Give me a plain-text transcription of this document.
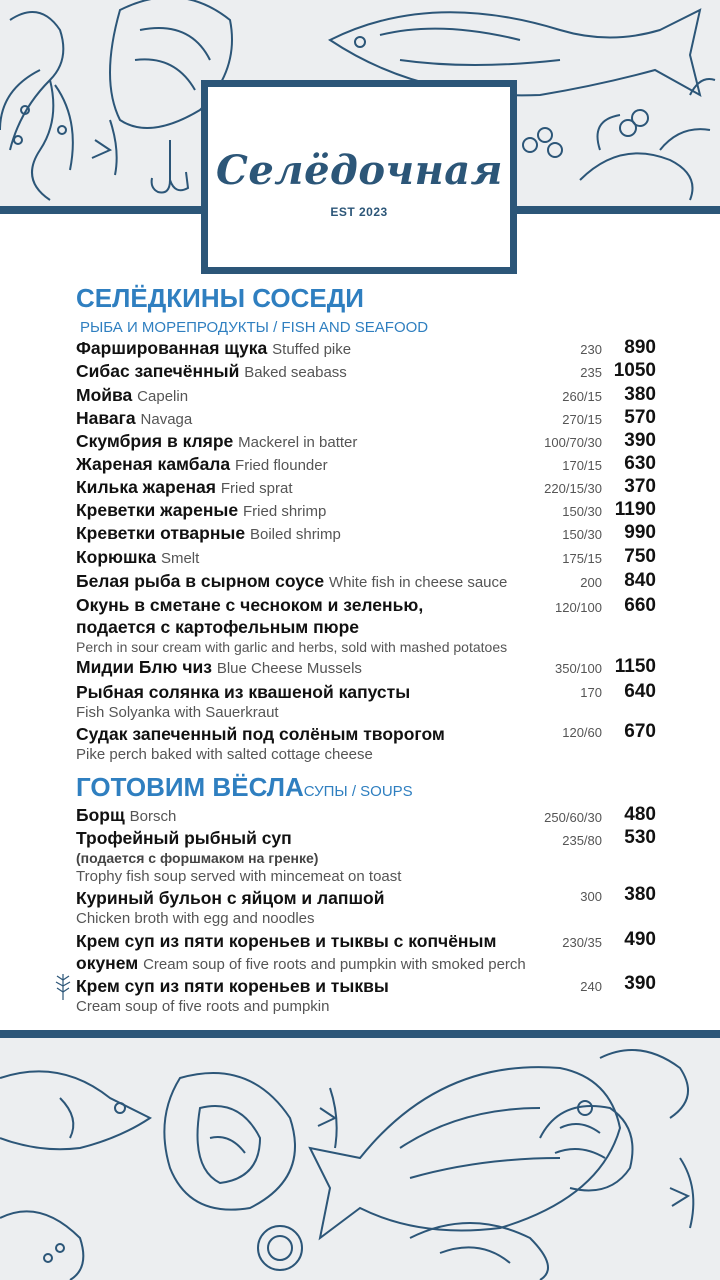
Селёдочная
EST 2023
СЕЛЁДКИНЫ СОСЕДИ
РЫБА И МОРЕПРОДУКТЫ / FISH AND SEAFOOD
Фаршированная щука Stuffed pike	230	890
Сибас запечённый Baked seabass	235 1050
Мойва Capelin	260/15	380
Навага Navaga	270/15	570
Скумбрия в кляре Mackerel in batter	100/70/30	390
Жареная камбала Fried flounder	170/15	630
Килька жареная Fried sprat	220/15/30	370
Креветки жареные Fried shrimp	150/30 1190
Креветки отварные Boiled shrimp	150/30	990
Корюшка Smelt	175/15	750
Белая рыба в сырном соусе White fish in cheese sauce	200	840
Окунь в сметане с чесноком и зеленью,
подается с картофельным пюре
Perch in sour cream with garlic and herbs, sold with mashed potatoes
120/100	660
Мидии Блю чиз Blue Cheese Mussels	350/100 1150
Рыбная солянка из квашеной капусты
Fish Solyanka with Sauerkraut
170	640
Судак запеченный под солёным творогом
Pike perch baked with salted cottage cheese
120/60	670
ГОТОВИМ ВЁСЛАСУПЫ / SOUPS
Борщ Borsch	250/60/30	480
Трофейный рыбный суп
(подается с форшмаком на гренке)
Trophy fish soup served with mincemeat on toast
235/80	530
Куриный бульон с яйцом и лапшой
Chicken broth with egg and noodles
300	380
Крем суп из пяти кореньев и тыквы с копчёным
окунем Cream soup of five roots and pumpkin with smoked perch
230/35	490
Крем суп из пяти кореньев и тыквы
Cream soup of five roots and pumpkin
240	390
